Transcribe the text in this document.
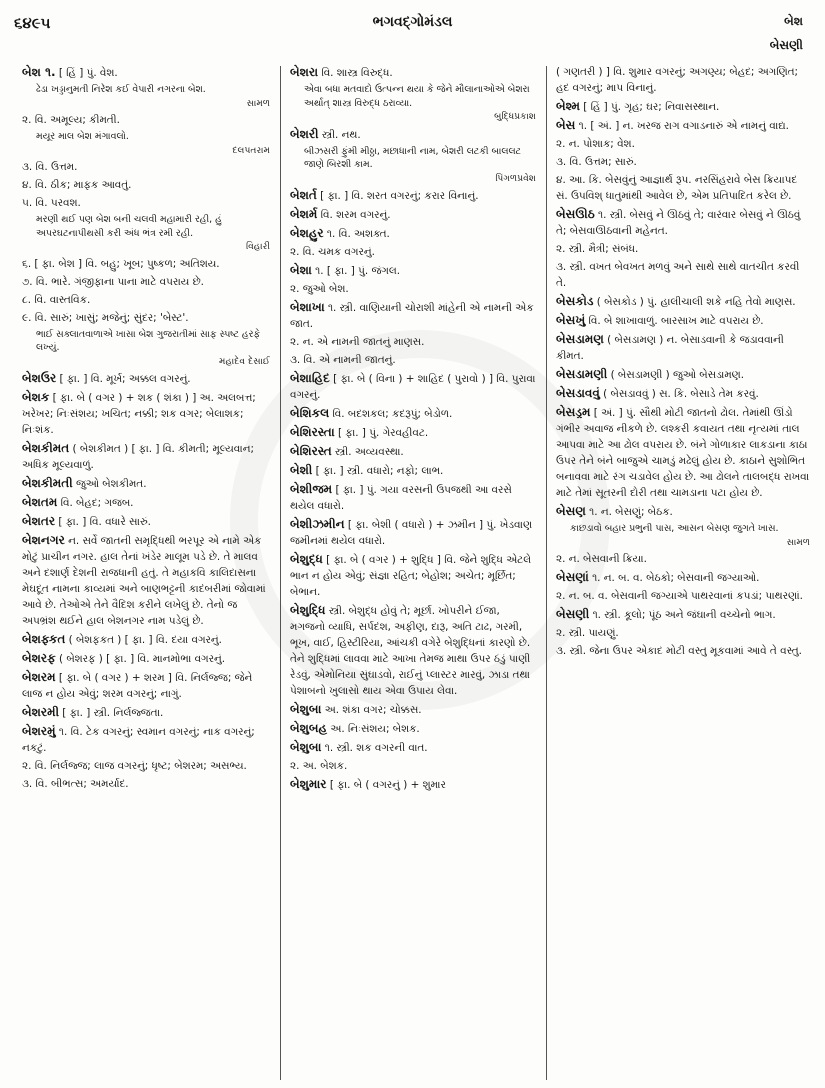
૬૪૯૫	ભગવદ્ગોમંડલ	બેશ
બેસણી
બેશ ૧. [ હિં ] પું. વેશ.
ઢેડા ખડ્ડાનુમતી નિરેશ કઈ વેપારી નગરના બેશ.
સામળ
૨. વિ. અમૂલ્ય; કીમતી.
મયૂર માલ બેશ મંગાવલો.
દલપતરામ
૩. વિ. ઉત્તમ.
૪. વિ. ઠીક; માફક આવતું.
૫. વિ. પરવશ.
મરણી થઈ પણ બેશ બની ચલવી મહામારી રહી, હું અપરઘટનાપીથસી કરી અંધ ભંત્ર રમી રહી.
વિહારી
૬. [ ફા. બેશ ] વિ. બહુ; ખૂબ; પુષ્કળ; અતિશય.
૭. વિ. ભારે. ગંજીફાના પાના માટે વપરાય છે.
૮. વિ. વાસ્તવિક.
૯. વિ. સારું; ખાસું; મજેનું; સુંદર; 'બેસ્ટ'.
ભાઈ સક્લાતવાળાએ ખાસા બેશ ગુજરાતીમાં સાફ સ્પષ્ટ હરફે લખ્યું.
મહાદેવ દેસાઈ
બેશઉર [ ફા. ] વિ. મૂર્ખ; અક્કલ વગરનું.
બેશક [ ફા. બે ( વગર ) + શક ( શંકા ) ] અ. અલબત્ત; ખરેખર; નિઃસંશય; ખચિત; નક્કી; શક વગર; બેલાશક; નિઃશંક.
બેશકીમત ( બેશકીમત ) [ ફા. ] વિ. કીમતી; મૂલ્યવાન; અધિક મૂલ્યવાળું.
બેશકીમતી જુઓ બેશકીમત.
બેશતમ વિ. બેહદ; ગજબ.
બેશતર [ ફા. ] વિ. વધારે સારું.
બેશનગર ન. સર્વે જાતની સમૃદ્ધિથી ભરપૂર એ નામે એક મોટું પ્રાચીન નગર. હાલ તેનાં ખંડેર માલૂમ પડે છે. તે માલવ અને દશાર્ણ દેશની રાજધાની હતું. તે મહાકવિ કાલિદાસના મેઘદૂત નામના કાવ્યમાં અને બાણભટ્ટની કાદંબરીમાં જોવામાં આવે છે. તેઓએ તેને વૈદિશ કરીને લખેલું છે. તેનો જ અપભ્રંશ થઈને હાલ બેશનગર નામ પડેલું છે.
બેશફ્કત ( બેશફકત ) [ ફા. ] વિ. દયા વગરનું.
બેશરફ ( બેશરફ ) [ ફા. ] વિ. માનમોભા વગરનું.
બેશરમ [ ફા. બે ( વગર ) + શરમ ] વિ. નિર્લજ્જ; જેને લાજ ન હોય એવું; શરમ વગરનું; નાગું.
બેશરમી [ ફા. ] સ્ત્રી. નિર્લજ્જતા.
બેશરમું ૧. વિ. ટેક વગરનું; સ્વમાન વગરનું; નાક વગરનું; નકટું.
૨. વિ. નિર્લજ્જ; લાજ વગરનું; ધૃષ્ટ; બેશરમ; અસભ્ય.
૩. વિ. બીભત્સ; અમર્યાદ.
બેશરા વિ. શાસ્ત્ર વિરુદ્ધ.
એવા બધા મતવાદો ઉત્પન્ન થયા કે જેને મૌલાનાઓએ બેશરા અર્થાત્ શાસ્ત્ર વિરુદ્ધ ઠરાવ્યા.
બુદ્ધિપ્રકાશ
બેશરી સ્ત્રી. નથ.
બીઝસરી ફુંમી મીઠ્ઠા, મછાધાની નામ, બેશરી લટકી બાલલટ જાણે બિરશી કામ.
પિંગળપ્રવેશ
બેશર્ત [ ફા. ] વિ. શરત વગરનું; કરાર વિનાનું.
બેશર્મ વિ. શરમ વગરનું.
બેશહુર ૧. વિ. અશક્ત.
૨. વિ. ચમક વગરનું.
બેશા ૧. [ ફા. ] પું. જંગલ.
૨. જુઓ બેશ.
બેશાખા ૧. સ્ત્રી. વાણિયાની ચોરાશી માંહેની એ નામની એક જાત.
૨. ન. એ નામની જાતનું માણસ.
૩. વિ. એ નામની જાતનું.
બેશાહિદ [ ફા. બે ( વિના ) + શાહિદ ( પુરાવો ) ] વિ. પુરાવા વગરનું.
બેશિકલ વિ. બદશકલ; કદરૂપું; બેડોળ.
બેશિરસ્તા [ ફા. ] પું. ગેરવહીવટ.
બેશિરસ્ત સ્ત્રી. અવ્યવસ્થા.
બેશી [ ફા. ] સ્ત્રી. વધારો; નફો; લાભ.
બેશીજમ [ ફા. ] પું. ગયા વરસની ઉપજથી આ વરસે થયેલ વધારો.
બેશીઝમીન [ ફા. બેશી ( વધારો ) + ઝમીન ] પું. ખેડવાણ જમીનમાં થયેલ વધારો.
બેશુદ્ધ [ ફા. બે ( વગર ) + શુદ્ધિ ] વિ. જેને શુદ્ધિ એટલે ભાન ન હોય એવું; સંજ્ઞા રહિત; બેહોશ; અચેત; મૂર્છિત; બેભાન.
બેશુદ્ધિ સ્ત્રી. બેશુદ્ધ હોવું તે; મૂર્છા. ખોપરીને ઈજા, મગજનો વ્યાધિ, સર્પદંશ, અફીણ, દારૂ, અતિ ટાઢ, ગરમી, ભૂખ, વાઈ, હિસ્ટીરિયા, આંચકી વગેરે બેશુદ્ધિનાં કારણો છે. તેને શુદ્ધિમાં લાવવા માટે આખા તેમજ માથા ઉપર ઠંડું પાણી રેડવું, એમોનિયા સુંઘાડવો, રાઈનું પ્લાસ્ટર મારવું, ઝાડા તથા પેશાબનો ખુલાસો થાય એવા ઉપાય લેવા.
બેશુબા અ. શંકા વગર; ચોક્કસ.
બેશુબહ અ. નિઃસંશય; બેશક.
બેશુબા ૧. સ્ત્રી. શક વગરની વાત.
૨. અ. બેશક.
બેશુમાર [ ફા. બે ( વગરનું ) + શુમાર
( ગણતરી ) ] વિ. શુમાર વગરનું; અગણ્ય; બેહદ; અગણિત; હદ વગરનું; માપ વિનાનું.
બેશ્મ [ હિં ] પું. ગૃહ; ઘર; નિવાસસ્થાન.
બેસ ૧. [ અં. ] ન. ખરજ રાગ વગાડનારું એ નામનું વાદ્ય.
૨. ન. પોશાક; વેશ.
૩. વિ. ઉત્તમ; સારું.
૪. આ. કિ. બેસવુંનું આજ્ઞાર્થ રૂપ. નરસિંહરાવે બેસ ક્રિયાપદ સં. ઉપવિશ્ ધાતુમાંથી આવેલ છે, એમ પ્રતિપાદિત કરેલ છે.
બેસઊઠ ૧. સ્ત્રી. બેસવું ને ઊઠવું તે; વારંવાર બેસવું ને ઊઠવું તે; બેસવાઊઠવાની મહેનત.
૨. સ્ત્રી. મૈત્રી; સંબંધ.
૩. સ્ત્રી. વખત બેવખત મળવું અને સાથે સાથે વાતચીત કરવી તે.
બેસકોડ ( બેસકોડ ) પું. હાલીચાલી શકે નહિ તેવો માણસ.
બેસખું વિ. બે શાખાવાળું. બારસાખ માટે વપરાય છે.
બેસડામણ ( બેસડામણ ) ન. બેસાડવાની કે જડાવવાની કીમત.
બેસડામણી ( બેસડામણી ) જુઓ બેસડામણ.
બેસડાવવું ( બેસડાવવું ) સ. કિ. બેસાડે તેમ કરવું.
બેસડ્રમ [ અં. ] પું. સૌથી મોટી જાતનો ઢોલ. તેમાંથી ઊંડો ગંભીર અવાજ નીકળે છે. લશ્કરી કવાયત તથા નૃત્યમાં તાલ આપવા માટે આ ઢોલ વપરાય છે. બંને ગોળાકાર લાકડાના કાઠા ઉપર તેને બંને બાજુએ ચામડું મઢેલું હોય છે. કાઠાને સુશોભિત બનાવવા માટે રંગ ચડાવેલ હોય છે. આ ઢોલને તાલબદ્ધ રાખવા માટે તેમાં સૂતરની દોરી તથા ચામડાના પટા હોય છે.
બેસણ ૧. ન. બેસણું; બેઠક.
કાછડાવો બહાર પ્રભુની પાસ, આસન બેસણ જુગતે ખાસ.
સામળ
૨. ન. બેસવાની ક્રિયા.
બેસણાં ૧. ન. બ. વ. બેઠકો; બેસવાની જગ્યાઓ.
૨. ન. બ. વ. બેસવાની જગ્યાએ પાથરવાનાં કપડાં; પાથરણાં.
બેસણી ૧. સ્ત્રી. કૂલો; પૂંઠ અને જંઘાની વચ્ચેનો ભાગ.
૨. સ્ત્રી. પાયણું.
૩. સ્ત્રી. જેના ઉપર એકાદ મોટી વસ્તુ મૂકવામાં આવે તે વસ્તુ.
